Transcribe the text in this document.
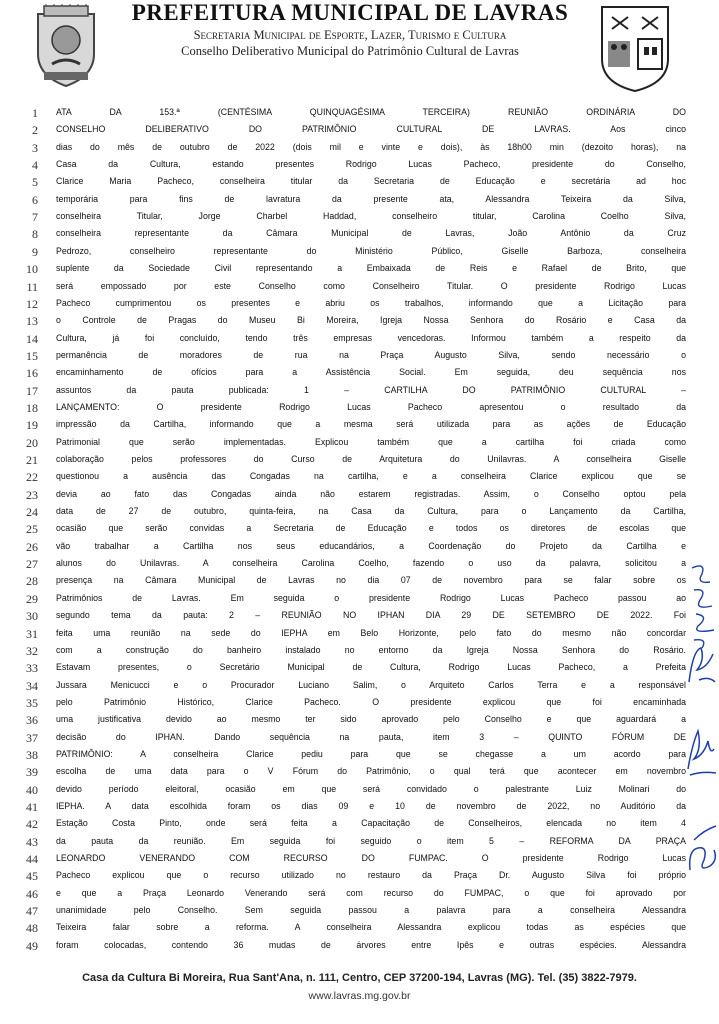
PREFEITURA MUNICIPAL DE LAVRAS
Secretaria Municipal de Esporte, Lazer, Turismo e Cultura
Conselho Deliberativo Municipal do Patrimônio Cultural de Lavras
1 ATA DA 153.ª (CENTÉSIMA QUINQUAGÉSIMA TERCEIRA) REUNIÃO ORDINÁRIA DO
2 CONSELHO DELIBERATIVO DO PATRIMÔNIO CULTURAL DE LAVRAS. Aos cinco
3 dias do mês de outubro de 2022 (dois mil e vinte e dois), às 18h00 min (dezoito horas), na
4 Casa da Cultura, estando presentes Rodrigo Lucas Pacheco, presidente do Conselho,
5 Clarice Maria Pacheco, conselheira titular da Secretaria de Educação e secretária ad hoc
6 temporária para fins de lavratura da presente ata, Alessandra Teixeira da Silva,
7 conselheira Titular, Jorge Charbel Haddad, conselheiro titular, Carolina Coelho Silva,
8 conselheira representante da Câmara Municipal de Lavras, João Antônio da Cruz
9 Pedrozo, conselheiro representante do Ministério Público, Giselle Barboza, conselheira
10 suplente da Sociedade Civil representando a Embaixada de Reis e Rafael de Brito, que
11 será empossado por este Conselho como Conselheiro Titular. O presidente Rodrigo Lucas
12 Pacheco cumprimentou os presentes e abriu os trabalhos, informando que a Licitação para
13 o Controle de Pragas do Museu Bi Moreira, Igreja Nossa Senhora do Rosário e Casa da
14 Cultura, já foi concluído, tendo três empresas vencedoras. Informou também a respeito da
15 permanência de moradores de rua na Praça Augusto Silva, sendo necessário o
16 encaminhamento de ofícios para a Assistência Social. Em seguida, deu sequência nos
17 assuntos da pauta publicada: 1 – CARTILHA DO PATRIMÔNIO CULTURAL –
18 LANÇAMENTO: O presidente Rodrigo Lucas Pacheco apresentou o resultado da
19 impressão da Cartilha, informando que a mesma será utilizada para as ações de Educação
20 Patrimonial que serão implementadas. Explicou também que a cartilha foi criada como
21 colaboração pelos professores do Curso de Arquitetura do Unilavras. A conselheira Giselle
22 questionou a ausência das Congadas na cartilha, e a conselheira Clarice explicou que se
23 devia ao fato das Congadas ainda não estarem registradas. Assim, o Conselho optou pela
24 data de 27 de outubro, quinta-feira, na Casa da Cultura, para o Lançamento da Cartilha,
25 ocasião que serão convidas a Secretaria de Educação e todos os diretores de escolas que
26 vão trabalhar a Cartilha nos seus educandários, a Coordenação do Projeto da Cartilha e
27 alunos do Unilavras. A conselheira Carolina Coelho, fazendo o uso da palavra, solicitou a
28 presença na Câmara Municipal de Lavras no dia 07 de novembro para se falar sobre os
29 Patrimônios de Lavras. Em seguida o presidente Rodrigo Lucas Pacheco passou ao
30 segundo tema da pauta: 2 – REUNIÃO NO IPHAN DIA 29 DE SETEMBRO DE 2022. Foi
31 feita uma reunião na sede do IEPHA em Belo Horizonte, pelo fato do mesmo não concordar
32 com a construção do banheiro instalado no entorno da Igreja Nossa Senhora do Rosário.
33 Estavam presentes, o Secretário Municipal de Cultura, Rodrigo Lucas Pacheco, a Prefeita
34 Jussara Menicucci e o Procurador Luciano Salim, o Arquiteto Carlos Terra e a responsável
35 pelo Patrimônio Histórico, Clarice Pacheco. O presidente explicou que foi encaminhada
36 uma justificativa devido ao mesmo ter sido aprovado pelo Conselho e que aguardará a
37 decisão do IPHAN. Dando sequência na pauta, item 3 – QUINTO FÓRUM DE
38 PATRIMÔNIO: A conselheira Clarice pediu para que se chegasse a um acordo para
39 escolha de uma data para o V Fórum do Patrimônio, o qual terá que acontecer em novembro
40 devido período eleitoral, ocasião em que será convidado o palestrante Luiz Molinari do
41 IEPHA. A data escolhida foram os dias 09 e 10 de novembro de 2022, no Auditório da
42 Estação Costa Pinto, onde será feita a Capacitação de Conselheiros, elencada no item 4
43 da pauta da reunião. Em seguida foi seguido o item 5 – REFORMA DA PRAÇA
44 LEONARDO VENERANDO COM RECURSO DO FUMPAC. O presidente Rodrigo Lucas
45 Pacheco explicou que o recurso utilizado no restauro da Praça Dr. Augusto Silva foi próprio
46 e que a Praça Leonardo Venerando será com recurso do FUMPAC, o que foi aprovado por
47 unanimidade pelo Conselho. Sem seguida passou a palavra para a conselheira Alessandra
48 Teixeira falar sobre a reforma. A conselheira Alessandra explicou todas as espécies que
49 foram colocadas, contendo 36 mudas de árvores entre Ipês e outras espécies. Alessandra
Casa da Cultura Bi Moreira, Rua Sant'Ana, n. 111, Centro, CEP 37200-194, Lavras (MG). Tel. (35) 3822-7979.
www.lavras.mg.gov.br
